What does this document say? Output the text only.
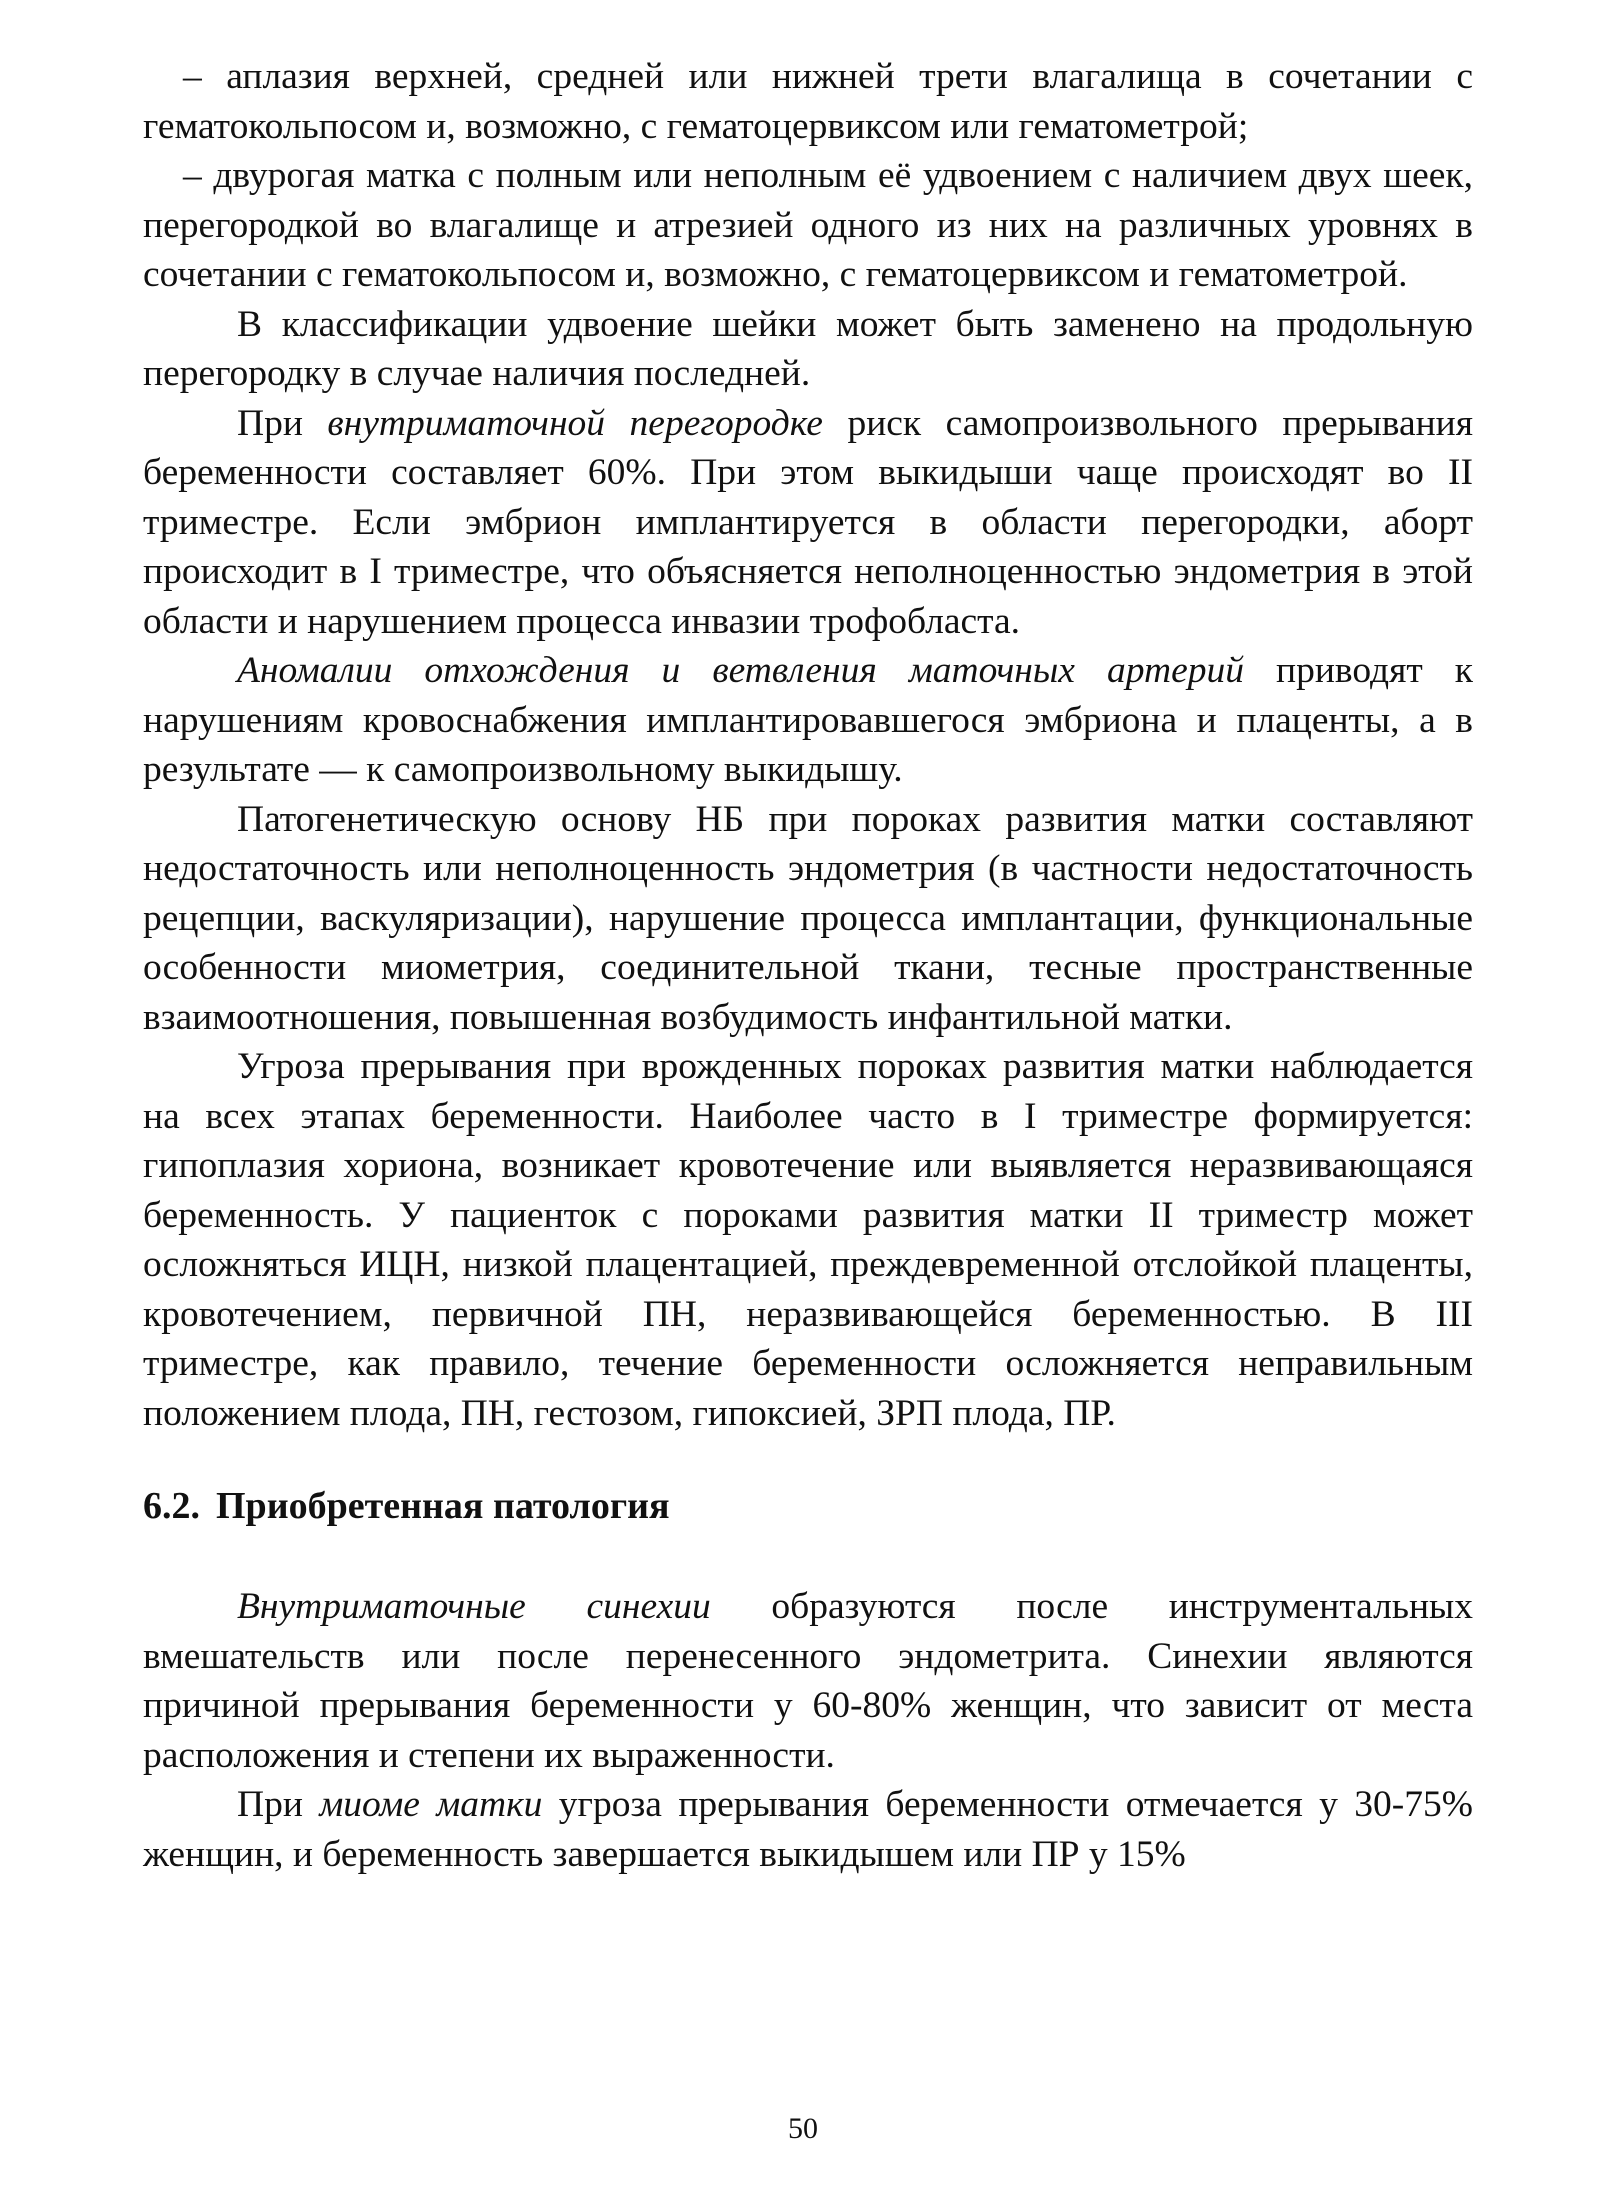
– аплазия верхней, средней или нижней трети влагалища в сочетании с гематокольпосом и, возможно, с гематоцервиксом или гематометрой;

– двурогая матка с полным или неполным её удвоением с наличием двух шеек, перегородкой во влагалище и атрезией одного из них на различных уровнях в сочетании с гематокольпосом и, возможно, с гематоцервиксом и гематометрой.

В классификации удвоение шейки может быть заменено на продольную перегородку в случае наличия последней.

При внутриматочной перегородке риск самопроизвольного прерывания беременности составляет 60%. При этом выкидыши чаще происходят во II триместре. Если эмбрион имплантируется в области перегородки, аборт происходит в I триместре, что объясняется неполноценностью эндометрия в этой области и нарушением процесса инвазии трофобласта.

Аномалии отхождения и ветвления маточных артерий приводят к нарушениям кровоснабжения имплантировавшегося эмбриона и плаценты, а в результате — к самопроизвольному выкидышу.

Патогенетическую основу НБ при пороках развития матки составляют недостаточность или неполноценность эндометрия (в частности недостаточность рецепции, васкуляризации), нарушение процесса имплантации, функциональные особенности миометрия, соединительной ткани, тесные пространственные взаимоотношения, повышенная возбудимость инфантильной матки.

Угроза прерывания при врожденных пороках развития матки наблюдается на всех этапах беременности. Наиболее часто в I триместре формируется: гипоплазия хориона, возникает кровотечение или выявляется неразвивающаяся беременность. У пациенток с пороками развития матки II триместр может осложняться ИЦН, низкой плацентацией, преждевременной отслойкой плаценты, кровотечением, первичной ПН, неразвивающейся беременностью. В III триместре, как правило, течение беременности осложняется неправильным положением плода, ПН, гестозом, гипоксией, ЗРП плода, ПР.

6.2. Приобретенная патология

Внутриматочные синехии образуются после инструментальных вмешательств или после перенесенного эндометрита. Синехии являются причиной прерывания беременности у 60-80% женщин, что зависит от места расположения и степени их выраженности.

При миоме матки угроза прерывания беременности отмечается у 30-75% женщин, и беременность завершается выкидышем или ПР у 15%

50
